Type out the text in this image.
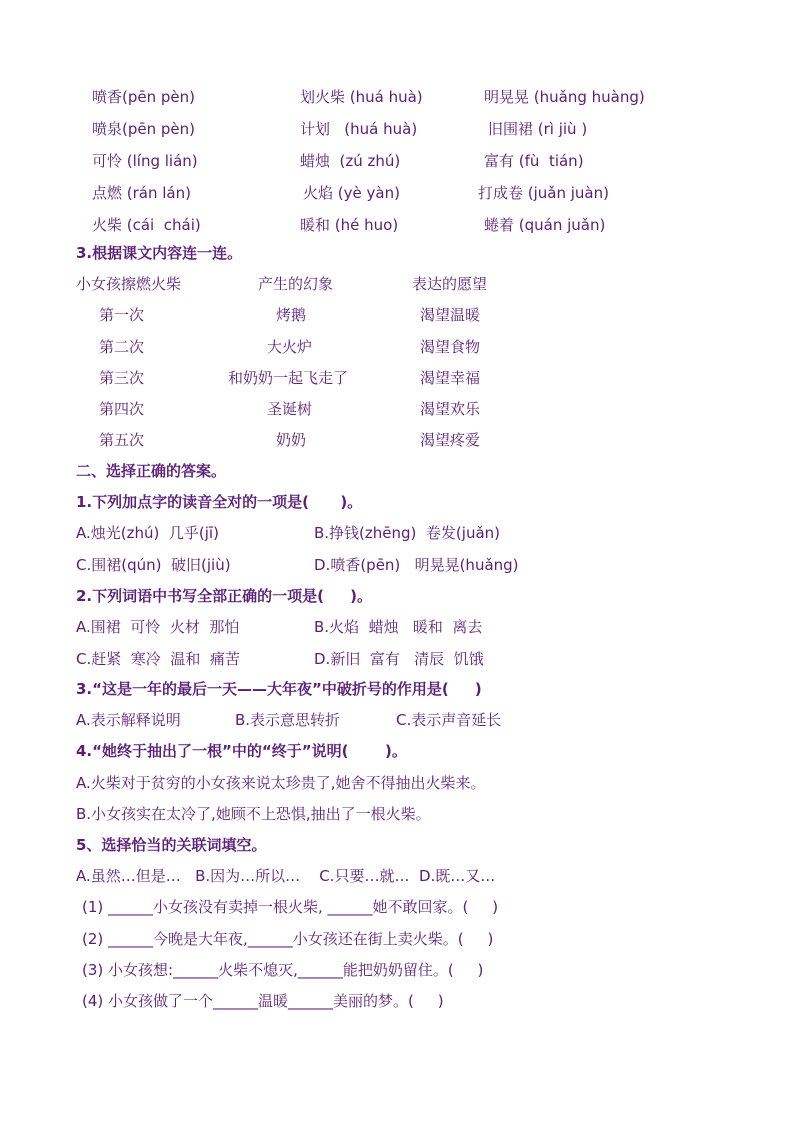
喷香(pēn pèn)	划火柴 (huá huà)	明晃晃 (huǎng huàng)
喷泉(pēn pèn)	计划   (huá huà)	旧围裙 (rì jiù )
可怜 (líng lián)	蜡烛  (zú zhú)	富有 (fù  tián)
点燃 (rán lán)	火焰 (yè yàn)	打成卷 (juǎn juàn)
火柴 (cái  chái)	暖和 (hé huo)	蜷着 (quán juǎn)
3.根据课文内容连一连。
小女孩擦燃火柴	产生的幻象	表达的愿望
第一次	烤鹅	渴望温暖
第二次	大火炉	渴望食物
第三次	和奶奶一起飞走了	渴望幸福
第四次	圣诞树	渴望欢乐
第五次	奶奶	渴望疼爱
二、选择正确的答案。
1.下列加点字的读音全对的一项是(      )。
A.烛光(zhú)  几乎(jī)	B.挣钱(zhēng)  卷发(juǎn)
C.围裙(qún)  破旧(jiù)	D.喷香(pēn)   明晃晃(huǎng)
2.下列词语中书写全部正确的一项是(     )。
A.围裙  可怜  火材  那怕	B.火焰  蜡烛   暖和  离去
C.赶紧  寒冷  温和  痛苦	D.新旧  富有   清辰  饥饿
3.“这是一年的最后一天——大年夜”中破折号的作用是(     )
A.表示解释说明	B.表示意思转折	C.表示声音延长
4.“她终于抽出了一根”中的“终于”说明(       )。
A.火柴对于贫穷的小女孩来说太珍贵了,她舍不得抽出火柴来。
B.小女孩实在太冷了,她顾不上恐惧,抽出了一根火柴。
5、选择恰当的关联词填空。
A.虽然…但是…   B.因为…所以…    C.只要…就…  D.既…又…
(1) ______小女孩没有卖掉一根火柴, ______她不敢回家。(     )
(2) ______今晚是大年夜,______小女孩还在街上卖火柴。(     )
(3) 小女孩想:______火柴不熄灭,______能把奶奶留住。(     )
(4) 小女孩做了一个______温暖______美丽的梦。(     )
